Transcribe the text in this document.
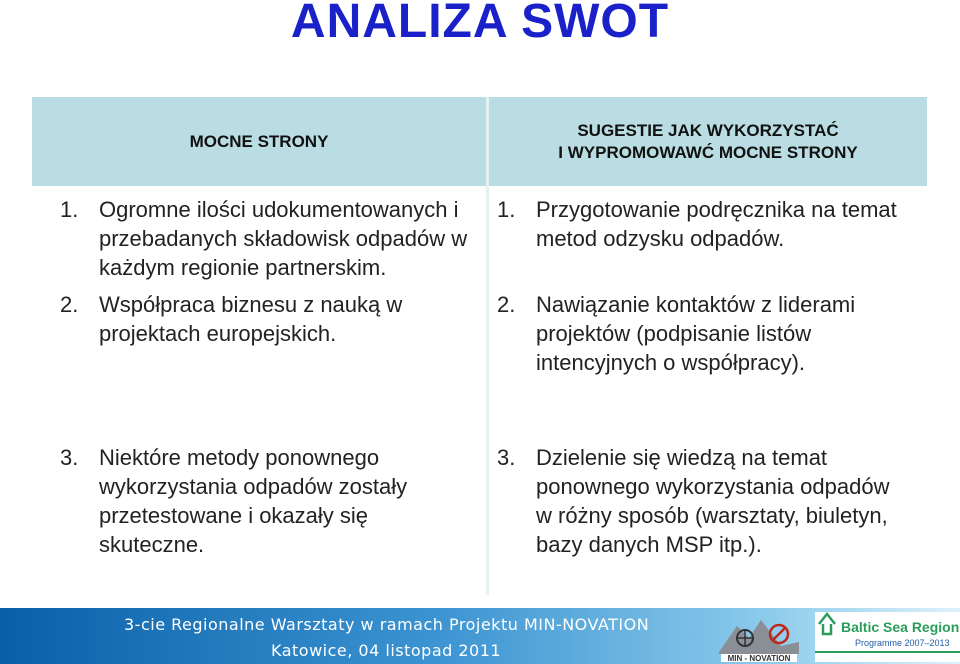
ANALIZA SWOT
MOCNE STRONY
SUGESTIE JAK WYKORZYSTAĆ
I WYPROMOWAWĆ MOCNE STRONY
1. Ogromne ilości udokumentowanych i przebadanych składowisk odpadów w każdym regionie partnerskim.
2. Współpraca biznesu z nauką w projektach europejskich.
3. Niektóre metody ponownego wykorzystania odpadów zostały przetestowane i okazały się skuteczne.
1. Przygotowanie podręcznika na temat metod odzysku odpadów.
2. Nawiązanie kontaktów z liderami projektów (podpisanie listów intencyjnych o współpracy).
3. Dzielenie się wiedzą na temat ponownego wykorzystania odpadów w różny sposób (warsztaty, biuletyn, bazy danych MSP itp.).
3-cie Regionalne Warsztaty w ramach Projektu MIN-NOVATION
Katowice, 04 listopad 2011	MIN - NOVATION
Baltic Sea Region
Programme 2007–2013
